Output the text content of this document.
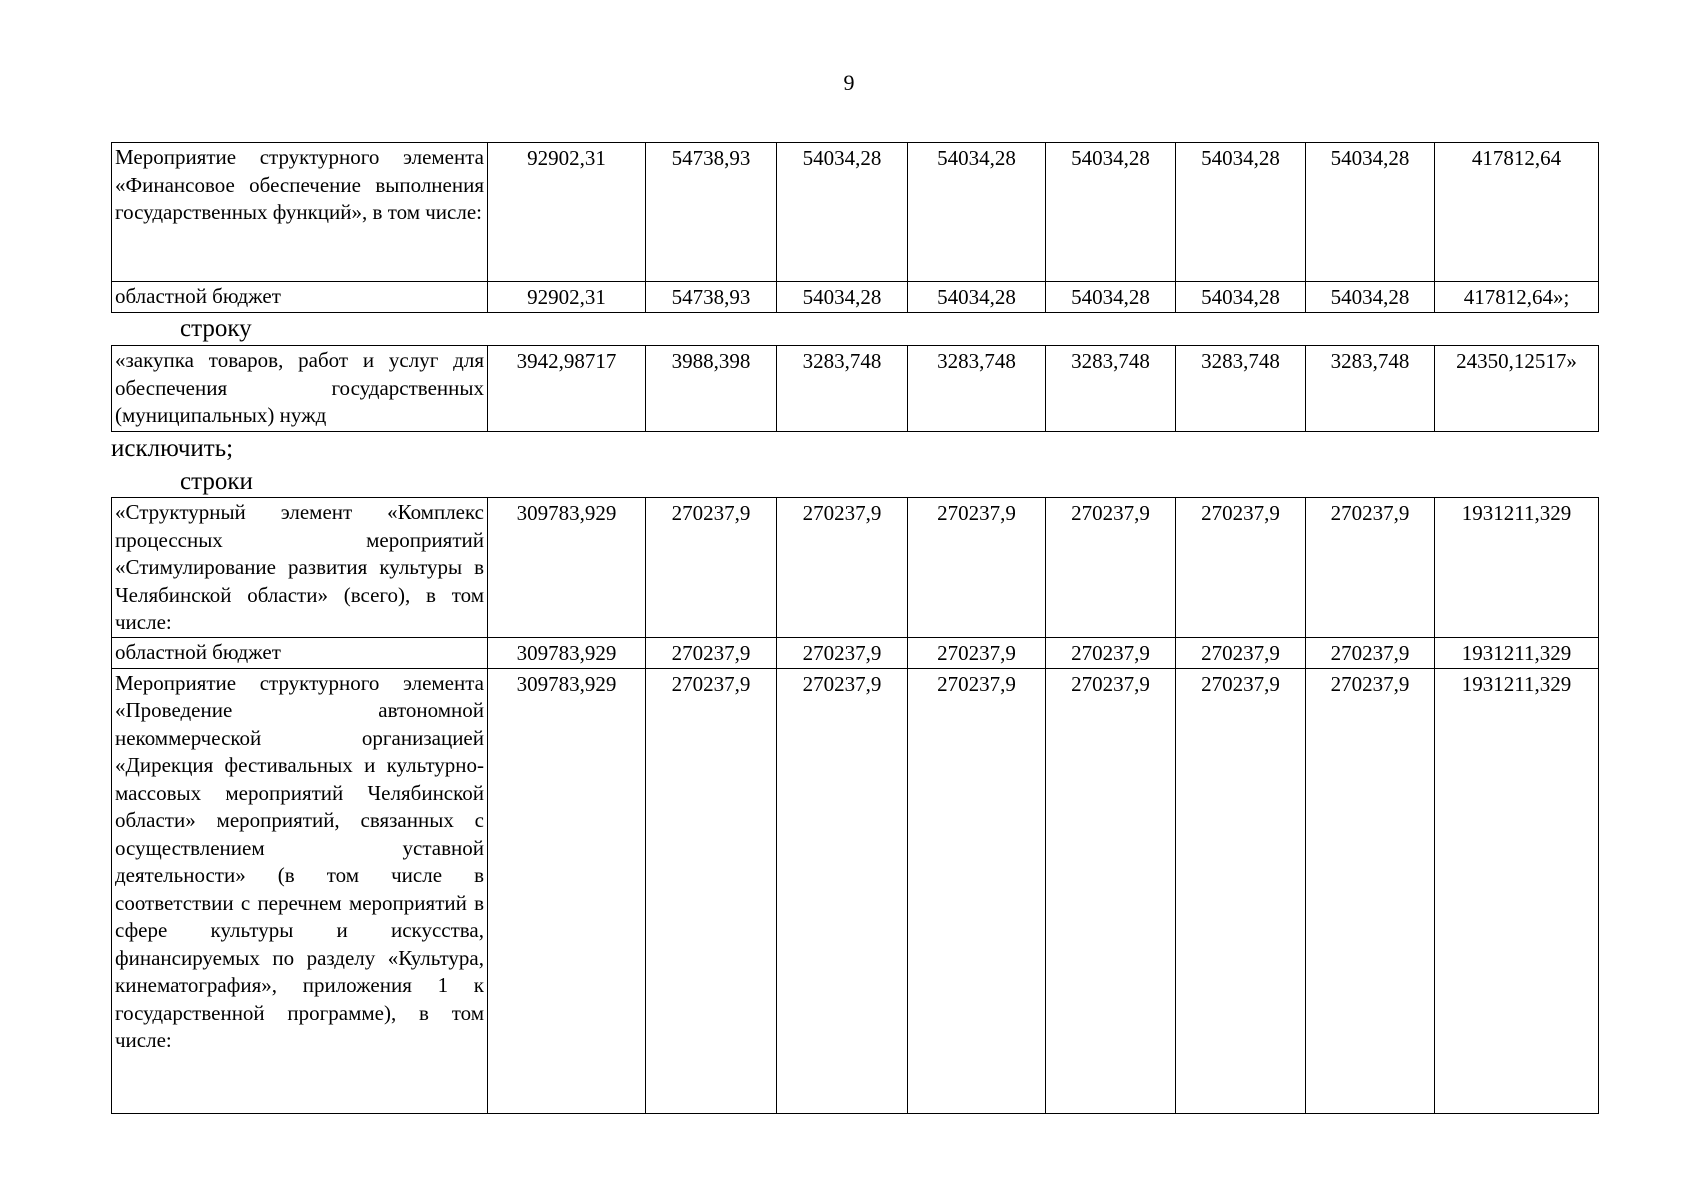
9
Мероприятие структурного элемента «Финансовое обеспечение выполнения государственных функций», в том числе:	92902,31	54738,93	54034,28	54034,28	54034,28	54034,28	54034,28	417812,64
областной бюджет	92902,31	54738,93	54034,28	54034,28	54034,28	54034,28	54034,28	417812,64»;
строку
«закупка товаров, работ и услуг для обеспечения государственных (муниципальных) нужд	3942,98717	3988,398	3283,748	3283,748	3283,748	3283,748	3283,748	24350,12517»
исключить;
строки
«Структурный элемент «Комплекс процессных мероприятий «Стимулирование развития культуры в Челябинской области» (всего), в том числе:	309783,929	270237,9	270237,9	270237,9	270237,9	270237,9	270237,9	1931211,329
областной бюджет	309783,929	270237,9	270237,9	270237,9	270237,9	270237,9	270237,9	1931211,329
Мероприятие структурного элемента «Проведение автономной некоммерческой организацией «Дирекция фестивальных и культурно-массовых мероприятий Челябинской области» мероприятий, связанных с осуществлением уставной деятельности» (в том числе в соответствии с перечнем мероприятий в сфере культуры и искусства, финансируемых по разделу «Культура, кинематография», приложения 1 к государственной программе), в том числе:	309783,929	270237,9	270237,9	270237,9	270237,9	270237,9	270237,9	1931211,329
